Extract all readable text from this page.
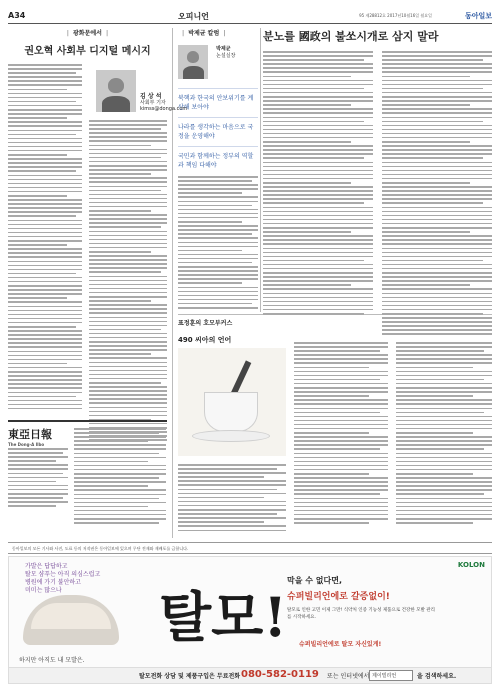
A34	오피니언	95 제28812호 2017년10월16일 월요일	동아일보
| 광화문에서 |
권오혁 사회부 디지털 메시지
김 상 석
사회부 기자
kimss@donga.com
東亞日報
The Dong-A Ilbo
| 박제균 칼럼 |
박제균
논설실장

북핵과 한국의 안보위기를 계산해 보아야

나라를 생각하는 마음으로 국정을 운영해야

국민과 함께하는 정부의 역할과 책임 다해야

분노를 國政의 불쏘시개로 삼지 말라
표정훈의 호모부커스
490 씨아의 언어
동아일보의 모든 기사와 사진, 도표 등의 저작권은 동아일보에 있으며 무단 전재와 재배포를 금합니다.
가발은 답답하고
탈모 샴푸는 아직 의심스럽고
병원에 가기 불안하고
미미는 많으나
하지만 아직도 내 모발은.
탈모!
막을 수 없다면,
슈퍼빌리언에로 갈증없이!
탈모로 인한 고민 이제 그만! 식약처 인증 기능성 제품으로 건강한 모발 관리를 시작하세요.
슈퍼빌리언에로 탈모 자신있게!
KOLON
탈모전화 상담 및 제품구입은 무료전화 080-582-0119 또는 인터넷에서 제이빌리언	을 검색하세요.
